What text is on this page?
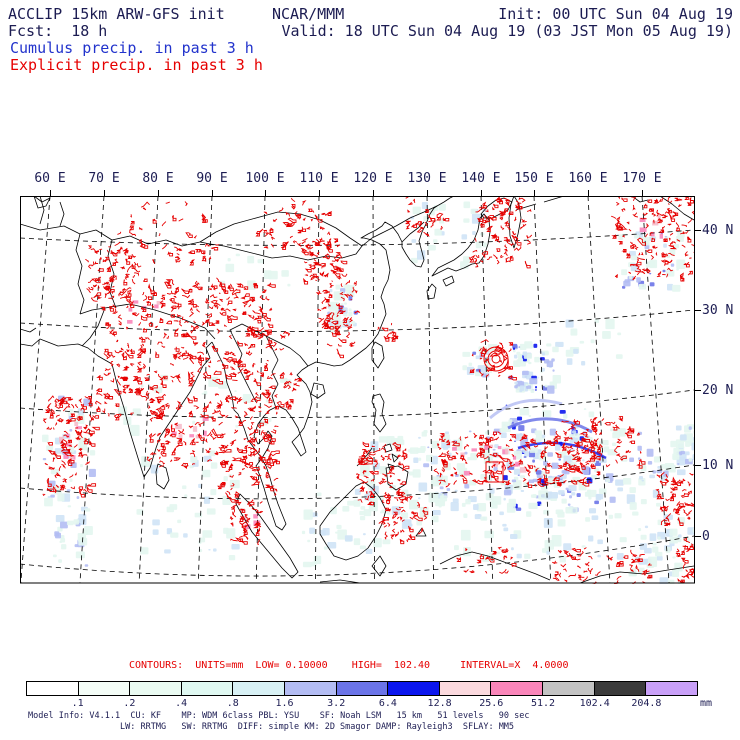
ACCLIP 15km ARW-GFS init	NCAR/MMM	Init: 00 UTC Sun 04 Aug 19
Fcst:  18 h	Valid: 18 UTC Sun 04 Aug 19 (03 JST Mon 05 Aug 19)
Cumulus precip. in past 3 h
Explicit precip. in past 3 h
60 E	70 E	80 E	90 E	100 E	110 E	120 E	130 E	140 E	150 E	160 E	170 E
40 N
30 N
20 N
10 N
0
CONTOURS:  UNITS=mm  LOW= 0.10000    HIGH=  102.40     INTERVAL=X  4.0000
.1	.2	.4	.8	1.6	3.2	6.4	12.8	25.6	51.2	102.4	204.8	mm
Model Info: V4.1.1  CU: KF    MP: WDM 6class PBL: YSU    SF: Noah LSM   15 km   51 levels   90 sec
LW: RRTMG   SW: RRTMG  DIFF: simple KM: 2D Smagor DAMP: Rayleigh3  SFLAY: MM5
